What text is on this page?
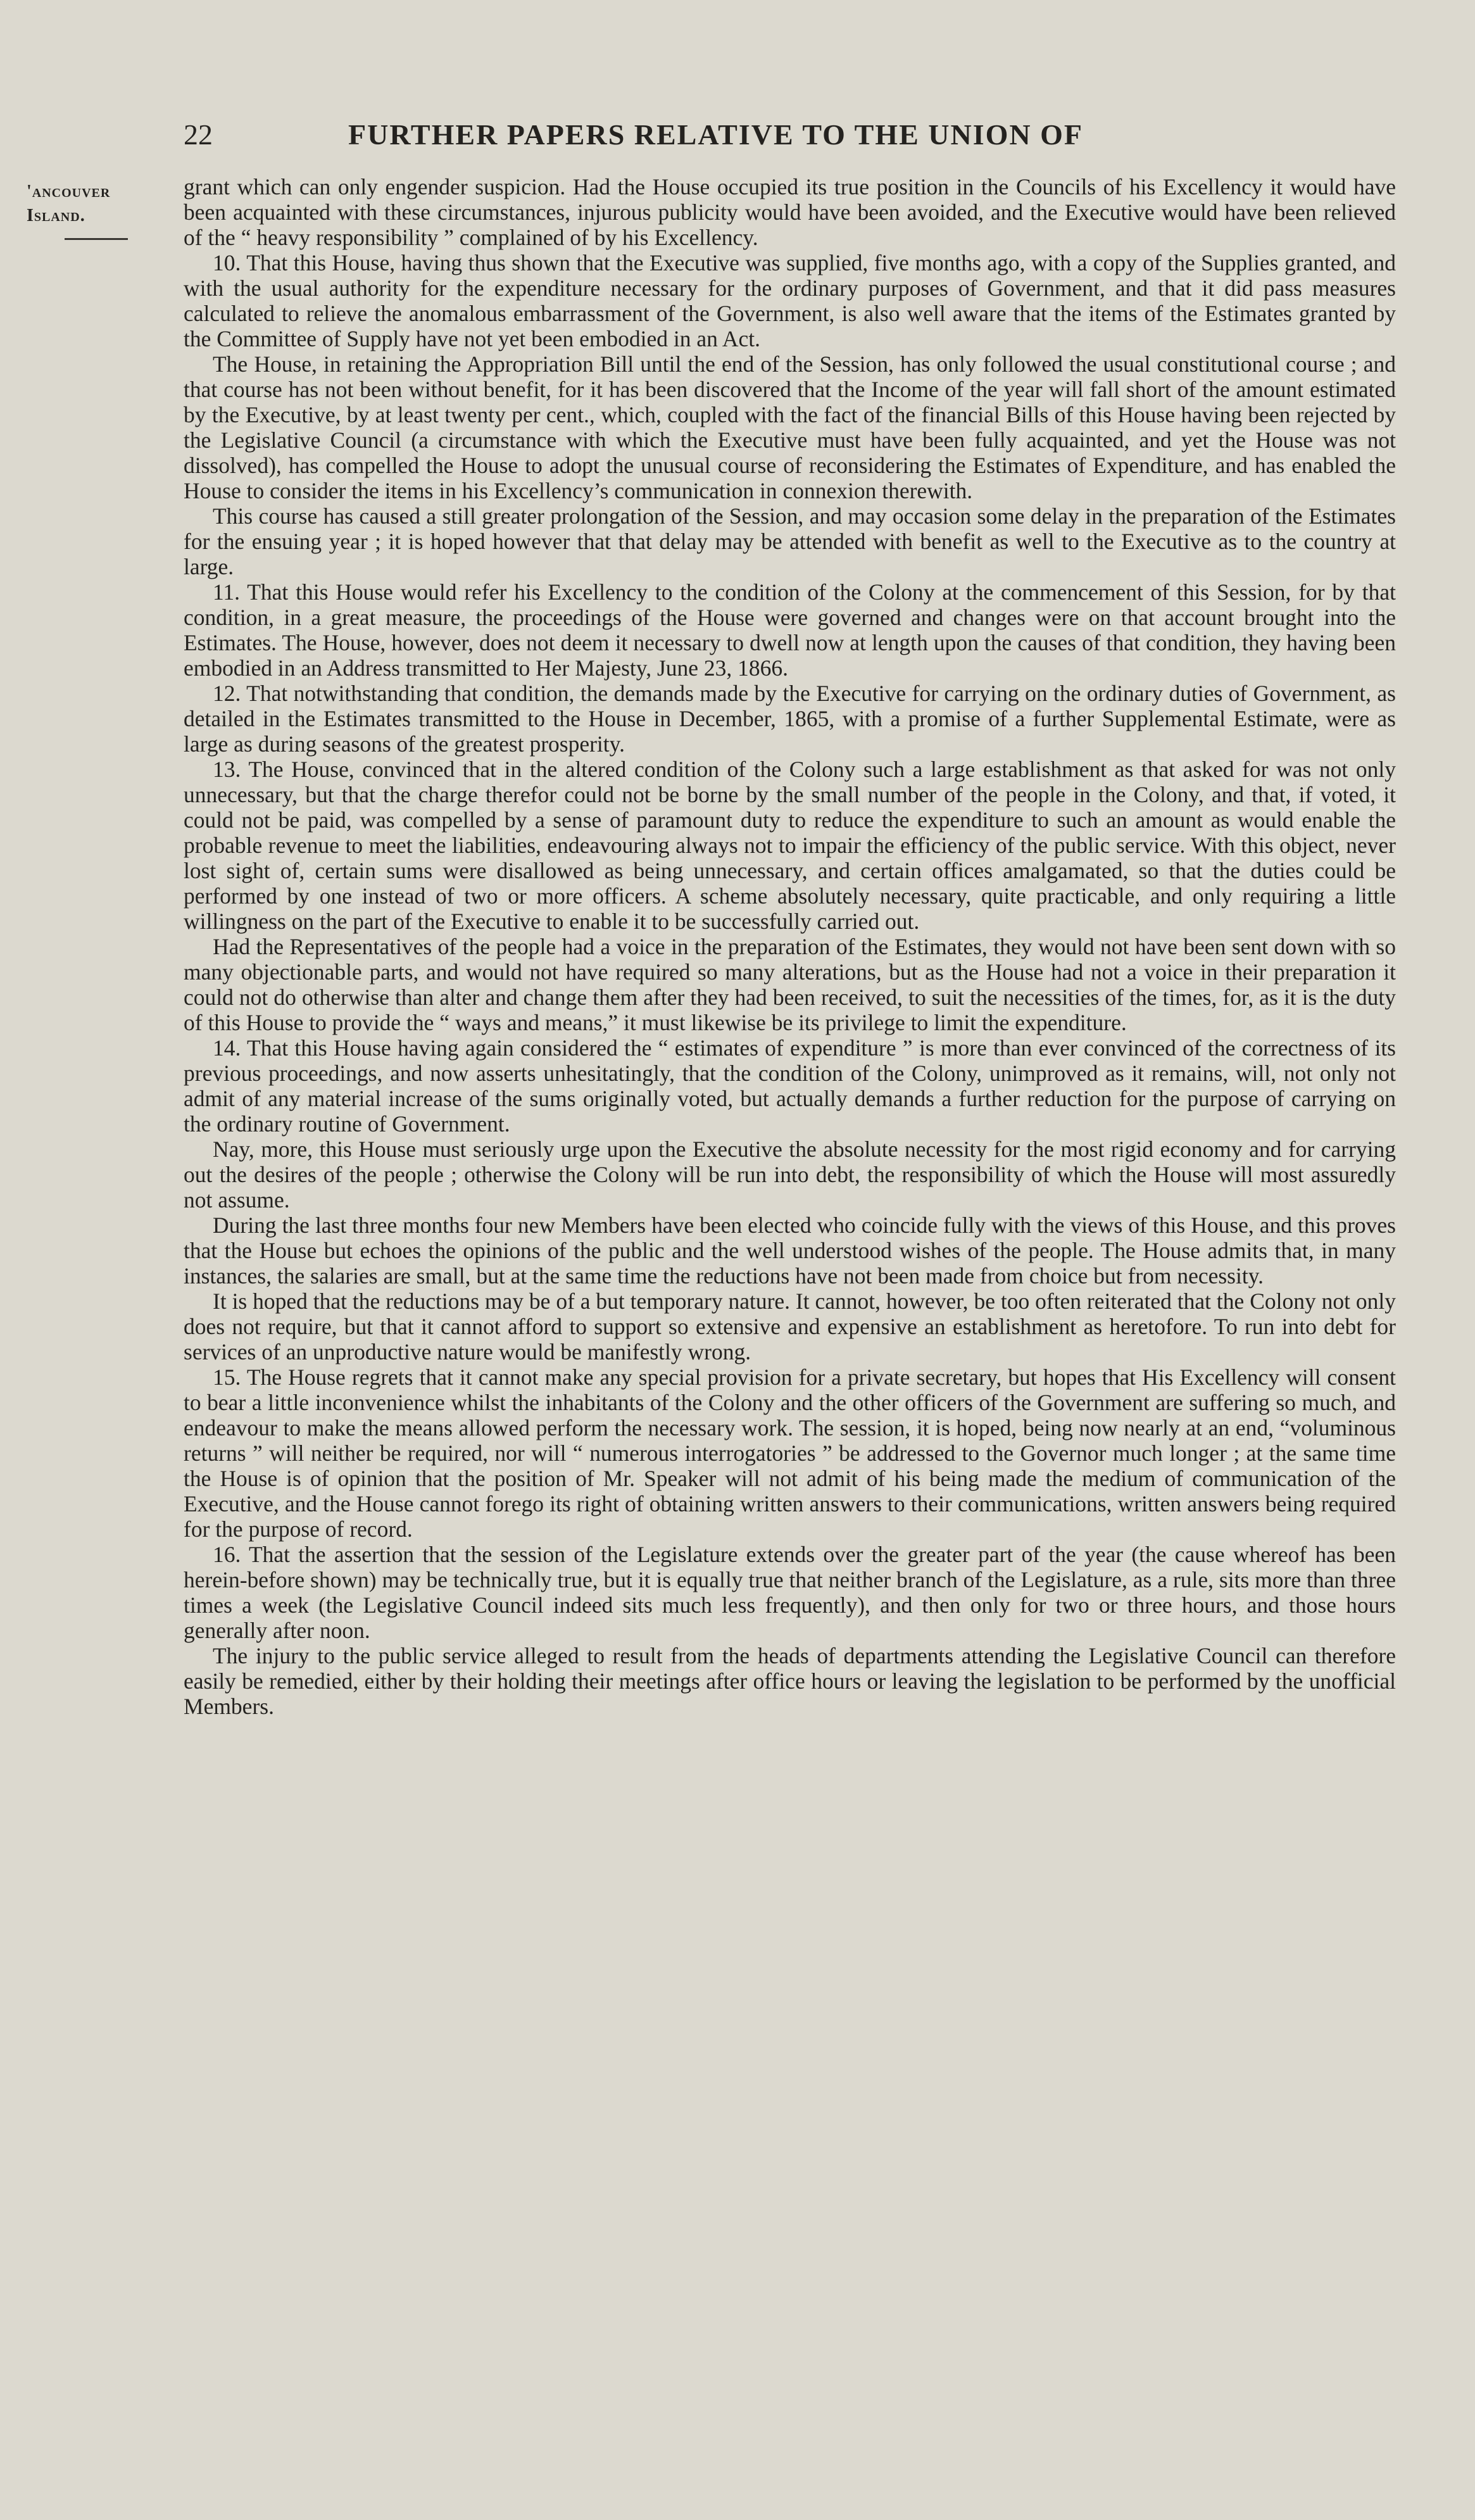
22	FURTHER PAPERS RELATIVE TO THE UNION OF
'ancouver
Island.

grant which can only engender suspicion. Had the House occupied its true position in the Councils of his Excellency it would have been acquainted with these circumstances, injurous publicity would have been avoided, and the Executive would have been relieved of the “ heavy responsibility ” complained of by his Excellency.

10. That this House, having thus shown that the Executive was supplied, five months ago, with a copy of the Supplies granted, and with the usual authority for the expenditure necessary for the ordinary purposes of Government, and that it did pass measures calculated to relieve the anomalous embarrassment of the Government, is also well aware that the items of the Estimates granted by the Committee of Supply have not yet been embodied in an Act.

The House, in retaining the Appropriation Bill until the end of the Session, has only followed the usual constitutional course ; and that course has not been without benefit, for it has been discovered that the Income of the year will fall short of the amount estimated by the Executive, by at least twenty per cent., which, coupled with the fact of the financial Bills of this House having been rejected by the Legislative Council (a circumstance with which the Executive must have been fully acquainted, and yet the House was not dissolved), has compelled the House to adopt the unusual course of reconsidering the Estimates of Expenditure, and has enabled the House to consider the items in his Excellency’s communication in connexion therewith.

This course has caused a still greater prolongation of the Session, and may occasion some delay in the preparation of the Estimates for the ensuing year ; it is hoped however that that delay may be attended with benefit as well to the Executive as to the country at large.

11. That this House would refer his Excellency to the condition of the Colony at the commencement of this Session, for by that condition, in a great measure, the proceedings of the House were governed and changes were on that account brought into the Estimates. The House, however, does not deem it necessary to dwell now at length upon the causes of that condition, they having been embodied in an Address transmitted to Her Majesty, June 23, 1866.

12. That notwithstanding that condition, the demands made by the Executive for carrying on the ordinary duties of Government, as detailed in the Estimates transmitted to the House in December, 1865, with a promise of a further Supplemental Estimate, were as large as during seasons of the greatest prosperity.

13. The House, convinced that in the altered condition of the Colony such a large establishment as that asked for was not only unnecessary, but that the charge therefor could not be borne by the small number of the people in the Colony, and that, if voted, it could not be paid, was compelled by a sense of paramount duty to reduce the expenditure to such an amount as would enable the probable revenue to meet the liabilities, endeavouring always not to impair the efficiency of the public service. With this object, never lost sight of, certain sums were disallowed as being unnecessary, and certain offices amalgamated, so that the duties could be performed by one instead of two or more officers. A scheme absolutely necessary, quite practicable, and only requiring a little willingness on the part of the Executive to enable it to be successfully carried out.

Had the Representatives of the people had a voice in the preparation of the Estimates, they would not have been sent down with so many objectionable parts, and would not have required so many alterations, but as the House had not a voice in their preparation it could not do otherwise than alter and change them after they had been received, to suit the necessities of the times, for, as it is the duty of this House to provide the “ ways and means,” it must likewise be its privilege to limit the expenditure.

14. That this House having again considered the “ estimates of expenditure ” is more than ever convinced of the correctness of its previous proceedings, and now asserts unhesitatingly, that the condition of the Colony, unimproved as it remains, will, not only not admit of any material increase of the sums originally voted, but actually demands a further reduction for the purpose of carrying on the ordinary routine of Government.

Nay, more, this House must seriously urge upon the Executive the absolute necessity for the most rigid economy and for carrying out the desires of the people ; otherwise the Colony will be run into debt, the responsibility of which the House will most assuredly not assume.

During the last three months four new Members have been elected who coincide fully with the views of this House, and this proves that the House but echoes the opinions of the public and the well understood wishes of the people. The House admits that, in many instances, the salaries are small, but at the same time the reductions have not been made from choice but from necessity.

It is hoped that the reductions may be of a but temporary nature. It cannot, however, be too often reiterated that the Colony not only does not require, but that it cannot afford to support so extensive and expensive an establishment as heretofore. To run into debt for services of an unproductive nature would be manifestly wrong.

15. The House regrets that it cannot make any special provision for a private secretary, but hopes that His Excellency will consent to bear a little inconvenience whilst the inhabitants of the Colony and the other officers of the Government are suffering so much, and endeavour to make the means allowed perform the necessary work. The session, it is hoped, being now nearly at an end, “voluminous returns ” will neither be required, nor will “ numerous interrogatories ” be addressed to the Governor much longer ; at the same time the House is of opinion that the position of Mr. Speaker will not admit of his being made the medium of communication of the Executive, and the House cannot forego its right of obtaining written answers to their communications, written answers being required for the purpose of record.

16. That the assertion that the session of the Legislature extends over the greater part of the year (the cause whereof has been herein-before shown) may be technically true, but it is equally true that neither branch of the Legislature, as a rule, sits more than three times a week (the Legislative Council indeed sits much less frequently), and then only for two or three hours, and those hours generally after noon.

The injury to the public service alleged to result from the heads of departments attending the Legislative Council can therefore easily be remedied, either by their holding their meetings after office hours or leaving the legislation to be performed by the unofficial Members.
